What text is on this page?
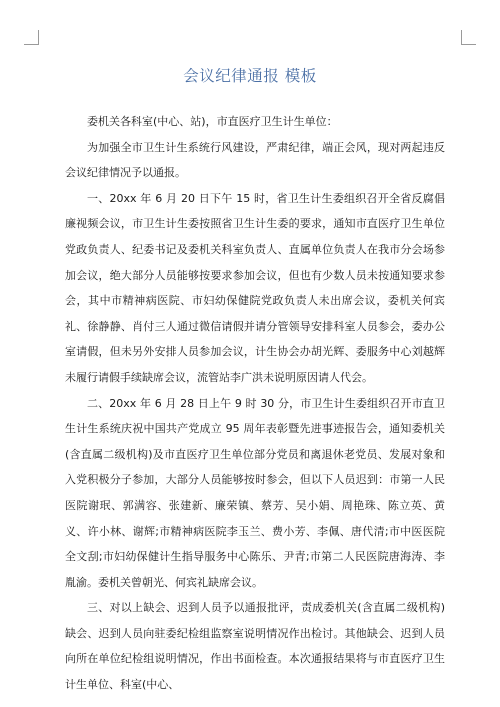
会议纪律通报 模板

委机关各科室(中心、站)，市直医疗卫生计生单位：

为加强全市卫生计生系统行风建设，严肃纪律，端正会风，现对两起违反会议纪律情况予以通报。

一、20xx 年 6 月 20 日下午 15 时，省卫生计生委组织召开全省反腐倡廉视频会议，市卫生计生委按照省卫生计生委的要求，通知市直医疗卫生单位党政负责人、纪委书记及委机关科室负责人、直属单位负责人在我市分会场参加会议，绝大部分人员能够按要求参加会议，但也有少数人员未按通知要求参会，其中市精神病医院、市妇幼保健院党政负责人未出席会议，委机关何宾礼、徐静静、肖付三人通过微信请假并请分管领导安排科室人员参会，委办公室请假，但未另外安排人员参加会议，计生协会办胡光辉、委服务中心刘越辉未履行请假手续缺席会议，流管站李广洪未说明原因请人代会。

二、20xx 年 6 月 28 日上午 9 时 30 分，市卫生计生委组织召开市直卫生计生系统庆祝中国共产党成立 95 周年表彰暨先进事迹报告会，通知委机关(含直属二级机构)及市直医疗卫生单位部分党员和离退休老党员、发展对象和入党积极分子参加，大部分人员能够按时参会，但以下人员迟到：市第一人民医院谢珉、郭满容、张建新、廉荣镇、蔡芳、吴小娟、周艳珠、陈立英、黄义、许小林、谢辉;市精神病医院李玉兰、费小芳、李佩、唐代清;市中医医院全文刮;市妇幼保健计生指导服务中心陈乐、尹青;市第二人民医院唐海涛、李胤渝。委机关曾朝光、何宾礼缺席会议。

三、对以上缺会、迟到人员予以通报批评，责成委机关(含直属二级机构)缺会、迟到人员向驻委纪检组监察室说明情况作出检讨。其他缺会、迟到人员向所在单位纪检组说明情况，作出书面检查。本次通报结果将与市直医疗卫生计生单位、科室(中心、
